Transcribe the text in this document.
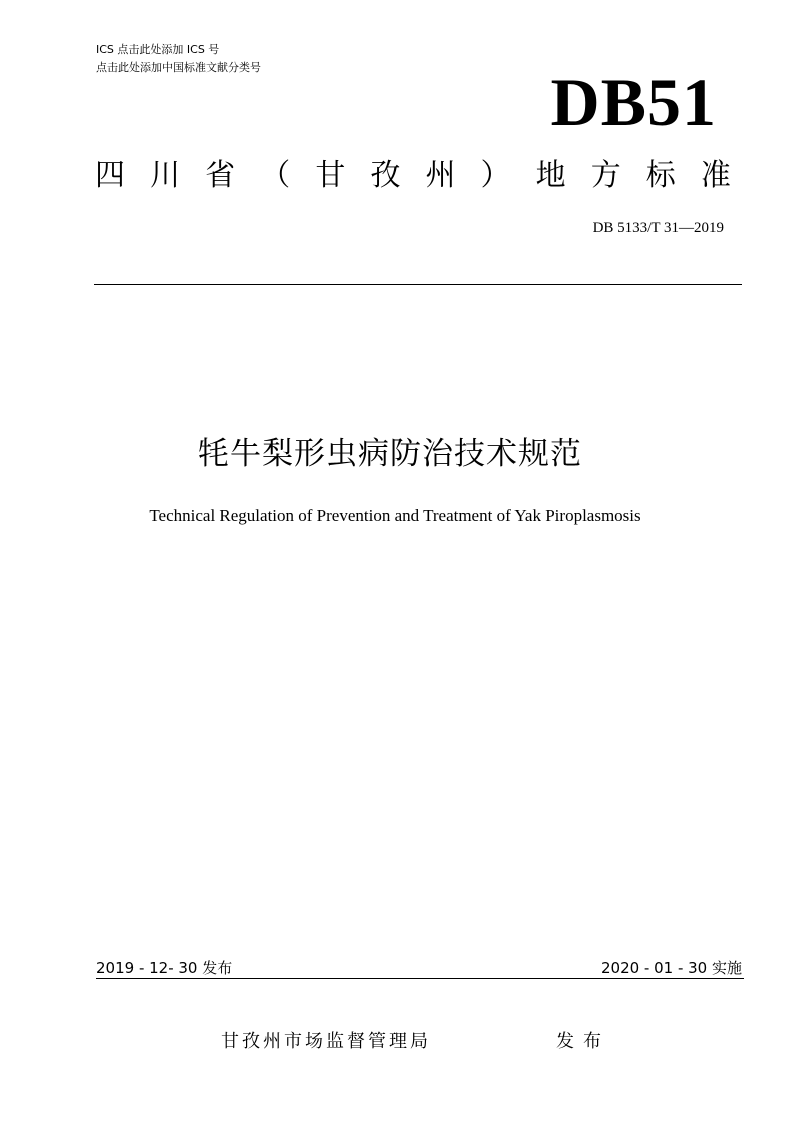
ICS 点击此处添加 ICS 号
点击此处添加中国标准文献分类号	DB51
四 川 省 （ 甘 孜 州 ） 地 方 标 准
DB 5133/T 31—2019
牦牛梨形虫病防治技术规范
Technical Regulation of Prevention and Treatment of Yak Piroplasmosis
2019 - 12- 30 发布	2020 - 01 - 30 实施
甘孜州市场监督管理局	发布
